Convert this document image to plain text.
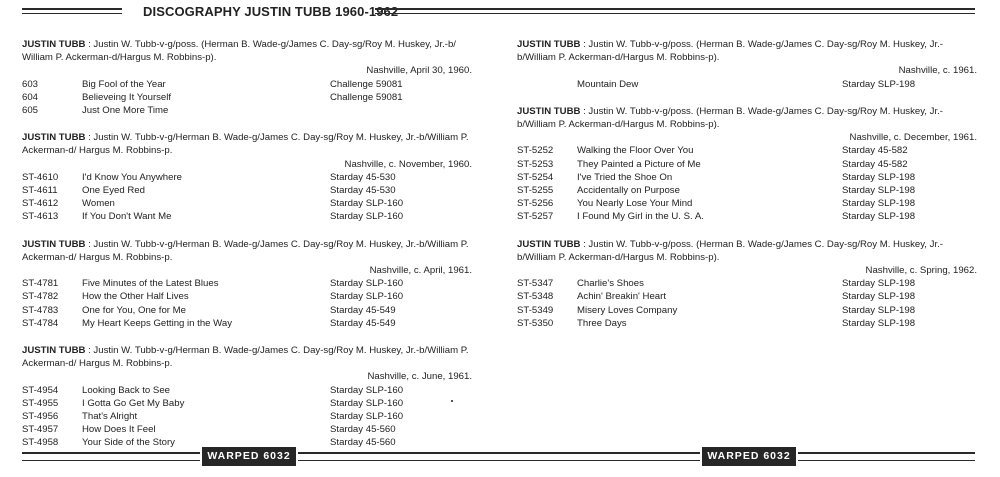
DISCOGRAPHY JUSTIN TUBB 1960-1962
JUSTIN TUBB : Justin W. Tubb-v-g/poss. (Herman B. Wade-g/James C. Day-sg/Roy M. Huskey, Jr.-b/ William P. Ackerman-d/Hargus M. Robbins-p).
Nashville, April 30, 1960.
603	Big Fool of the Year	Challenge 59081
604	Believeing It Yourself	Challenge 59081
605	Just One More Time
JUSTIN TUBB : Justin W. Tubb-v-g/Herman B. Wade-g/James C. Day-sg/Roy M. Huskey, Jr.-b/William P. Ackerman-d/ Hargus M. Robbins-p.
Nashville, c. November, 1960.
ST-4610 I'd Know You Anywhere	Starday 45-530
ST-4611	One Eyed Red	Starday 45-530
ST-4612 Women	Starday SLP-160
ST-4613 If You Don't Want Me	Starday SLP-160
JUSTIN TUBB : Justin W. Tubb-v-g/Herman B. Wade-g/James C. Day-sg/Roy M. Huskey, Jr.-b/William P. Ackerman-d/ Hargus M. Robbins-p.
Nashville, c. April, 1961.
ST-4781 Five Minutes of the Latest Blues	Starday SLP-160
ST-4782 How the Other Half Lives	Starday SLP-160
ST-4783 One for You, One for Me	Starday 45-549
ST-4784 My Heart Keeps Getting in the Way	Starday 45-549
JUSTIN TUBB : Justin W. Tubb-v-g/Herman B. Wade-g/James C. Day-sg/Roy M. Huskey, Jr.-b/William P. Ackerman-d/ Hargus M. Robbins-p.
Nashville, c. June, 1961.
ST-4954 Looking Back to See	Starday SLP-160
ST-4955 I Gotta Go Get My Baby	Starday SLP-160
ST-4956 That's Alright	Starday SLP-160
ST-4957 How Does It Feel	Starday 45-560
ST-4958 Your Side of the Story	Starday 45-560
JUSTIN TUBB : Justin W. Tubb-v-g/poss. (Herman B. Wade-g/James C. Day-sg/Roy M. Huskey, Jr.-b/William P. Ackerman-d/Hargus M. Robbins-p).
Nashville, c. 1961.
Mountain Dew	Starday SLP-198
JUSTIN TUBB : Justin W. Tubb-v-g/poss. (Herman B. Wade-g/James C. Day-sg/Roy M. Huskey, Jr.-b/William P. Ackerman-d/Hargus M. Robbins-p).
Nashville, c. December, 1961.
ST-5252 Walking the Floor Over You	Starday 45-582
ST-5253 They Painted a Picture of Me	Starday 45-582
ST-5254 I've Tried the Shoe On	Starday SLP-198
ST-5255 Accidentally on Purpose	Starday SLP-198
ST-5256 You Nearly Lose Your Mind	Starday SLP-198
ST-5257 I Found My Girl in the U. S. A.	Starday SLP-198
JUSTIN TUBB : Justin W. Tubb-v-g/poss. (Herman B. Wade-g/James C. Day-sg/Roy M. Huskey, Jr.-b/William P. Ackerman-d/Hargus M. Robbins-p).
Nashville, c. Spring, 1962.
ST-5347 Charlie's Shoes	Starday SLP-198
ST-5348 Achin' Breakin' Heart	Starday SLP-198
ST-5349 Misery Loves Company	Starday SLP-198
ST-5350 Three Days	Starday SLP-198
WARPED 6032	WARPED 6032
